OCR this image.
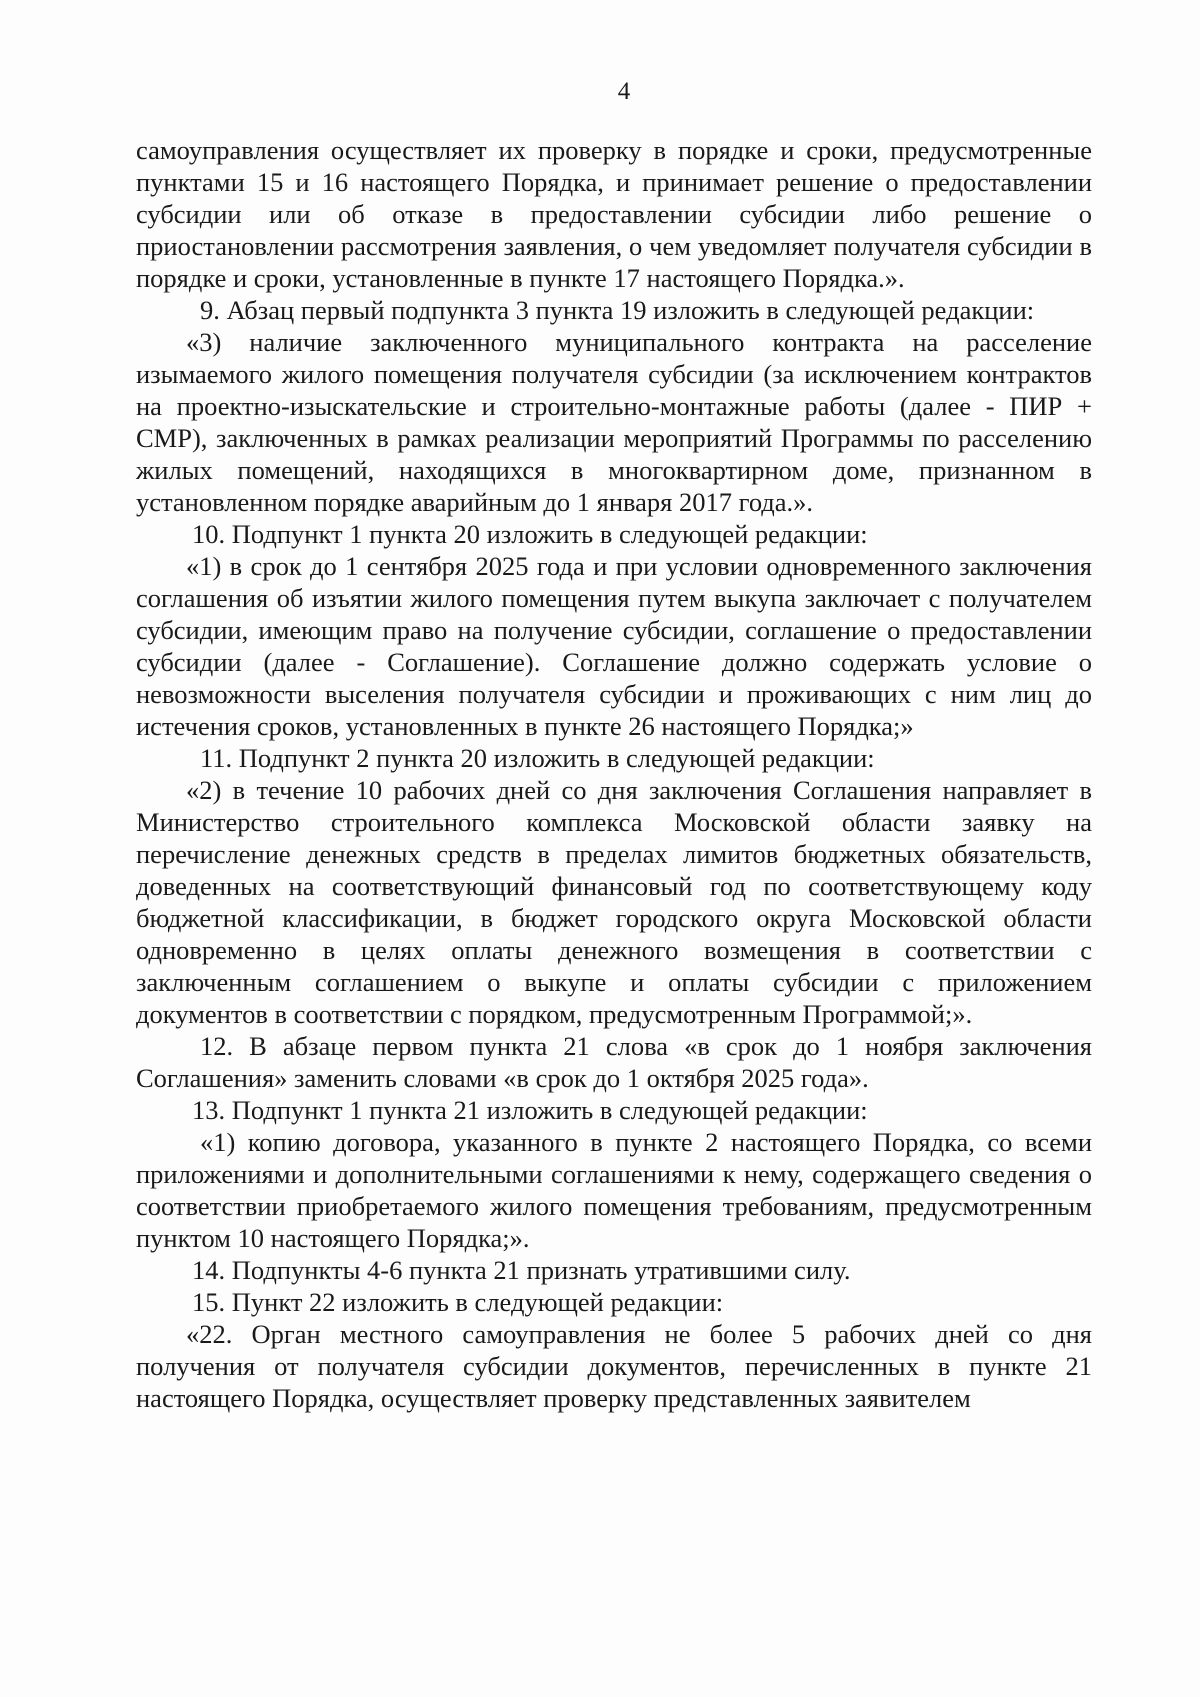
4

самоуправления осуществляет их проверку в порядке и сроки, предусмотренные пунктами 15 и 16 настоящего Порядка, и принимает решение о предоставлении субсидии или об отказе в предоставлении субсидии либо решение о приостановлении рассмотрения заявления, о чем уведомляет получателя субсидии в порядке и сроки, установленные в пункте 17 настоящего Порядка.».

9. Абзац первый подпункта 3 пункта 19 изложить в следующей редакции:

«3) наличие заключенного муниципального контракта на расселение изымаемого жилого помещения получателя субсидии (за исключением контрактов на проектно-изыскательские и строительно-монтажные работы (далее - ПИР + СМР), заключенных в рамках реализации мероприятий Программы по расселению жилых помещений, находящихся в многоквартирном доме, признанном в установленном порядке аварийным до 1 января 2017 года.».

10. Подпункт 1 пункта 20 изложить в следующей редакции:

«1) в срок до 1 сентября 2025 года и при условии одновременного заключения соглашения об изъятии жилого помещения путем выкупа заключает с получателем субсидии, имеющим право на получение субсидии, соглашение о предоставлении субсидии (далее - Соглашение). Соглашение должно содержать условие о невозможности выселения получателя субсидии и проживающих с ним лиц до истечения сроков, установленных в пункте 26 настоящего Порядка;»

11. Подпункт 2 пункта 20 изложить в следующей редакции:

«2) в течение 10 рабочих дней со дня заключения Соглашения направляет в Министерство строительного комплекса Московской области заявку на перечисление денежных средств в пределах лимитов бюджетных обязательств, доведенных на соответствующий финансовый год по соответствующему коду бюджетной классификации, в бюджет городского округа Московской области одновременно в целях оплаты денежного возмещения в соответствии с заключенным соглашением о выкупе и оплаты субсидии с приложением документов в соответствии с порядком, предусмотренным Программой;».

12. В абзаце первом пункта 21 слова «в срок до 1 ноября заключения Соглашения» заменить словами «в срок до 1 октября 2025 года».

13. Подпункт 1 пункта 21 изложить в следующей редакции:

«1) копию договора, указанного в пункте 2 настоящего Порядка, со всеми приложениями и дополнительными соглашениями к нему, содержащего сведения о соответствии приобретаемого жилого помещения требованиям, предусмотренным пунктом 10 настоящего Порядка;».

14. Подпункты 4-6 пункта 21 признать утратившими силу.

15. Пункт 22 изложить в следующей редакции:

«22. Орган местного самоуправления не более 5 рабочих дней со дня получения от получателя субсидии документов, перечисленных в пункте 21 настоящего Порядка, осуществляет проверку представленных заявителем
